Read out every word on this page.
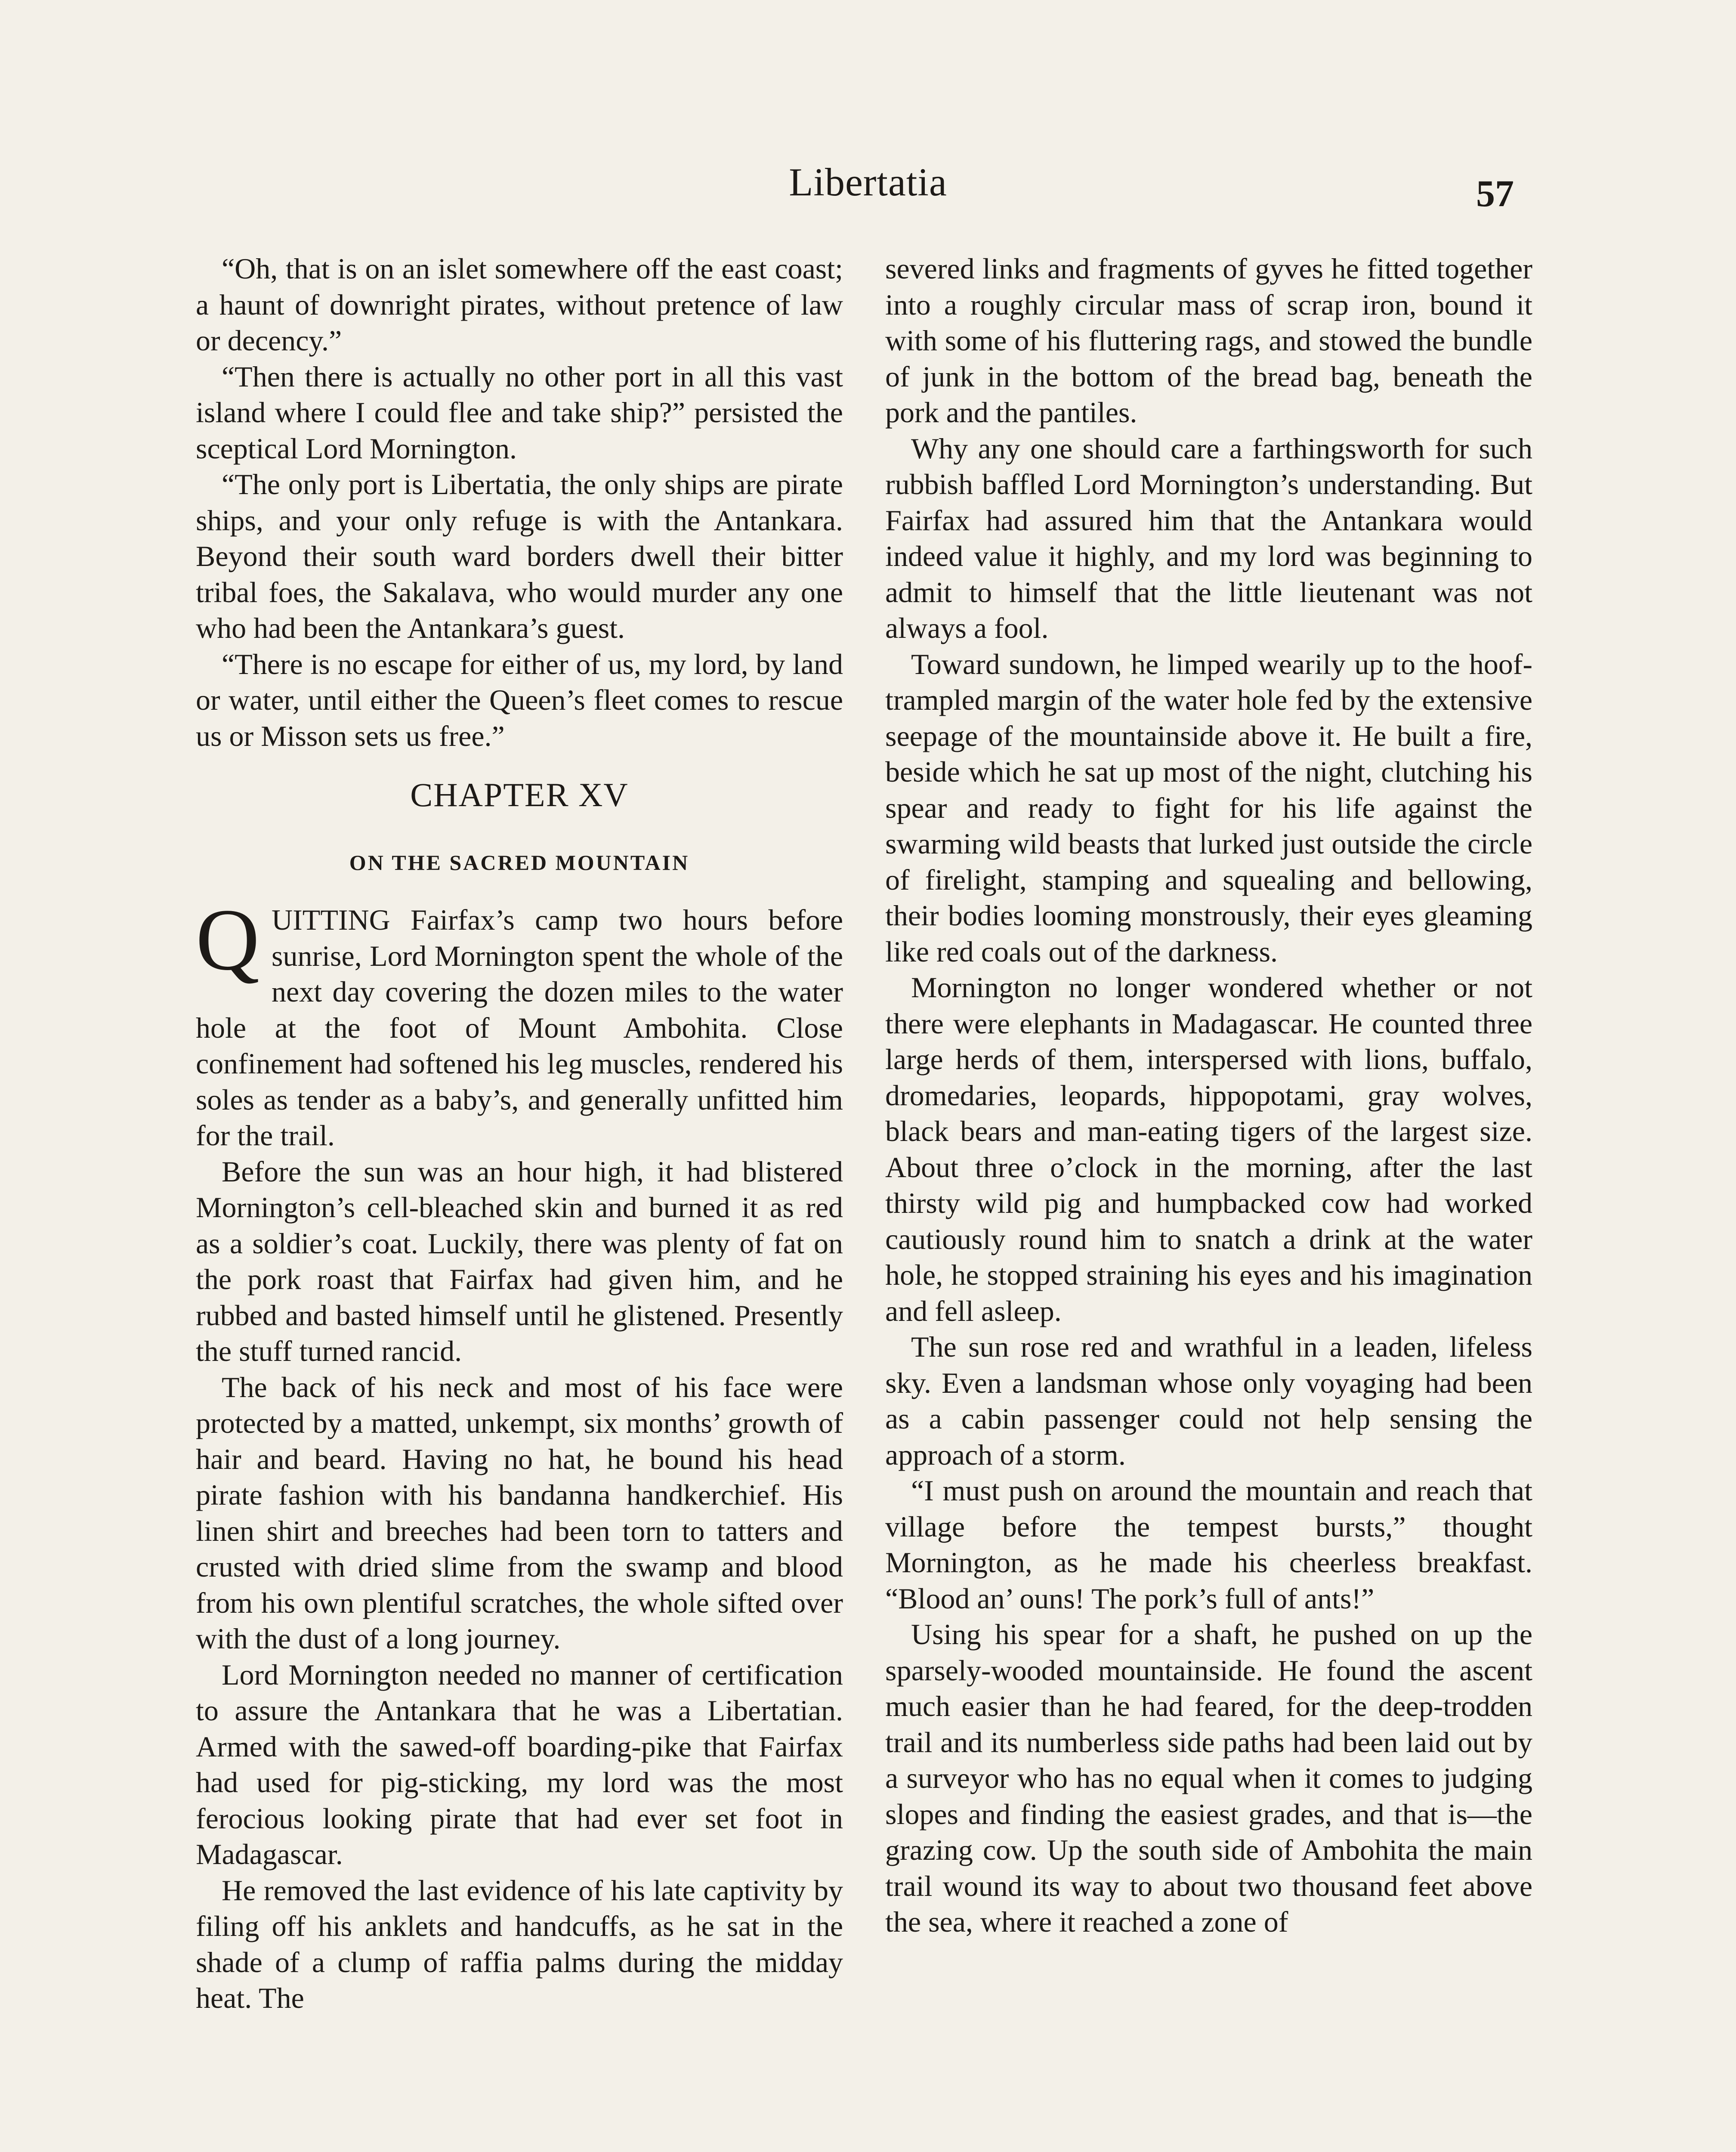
Libertatia	57

“Oh, that is on an islet somewhere off the east coast; a haunt of downright pirates, without pretence of law or decency.”

“Then there is actually no other port in all this vast island where I could flee and take ship?” persisted the sceptical Lord Mornington.

“The only port is Libertatia, the only ships are pirate ships, and your only refuge is with the Antankara. Beyond their south ward borders dwell their bitter tribal foes, the Sakalava, who would murder any one who had been the Antankara’s guest.

“There is no escape for either of us, my lord, by land or water, until either the Queen’s fleet comes to rescue us or Misson sets us free.”

CHAPTER XV
ON THE SACRED MOUNTAIN
Q UITTING Fairfax’s camp two hours before sunrise, Lord Mornington spent the whole of the next day covering the dozen miles to the water hole at the foot of Mount Ambohita. Close confinement had softened his leg muscles, rendered his soles as tender as a baby’s, and generally unfitted him for the trail.

Before the sun was an hour high, it had blistered Mornington’s cell-bleached skin and burned it as red as a soldier’s coat. Luckily, there was plenty of fat on the pork roast that Fairfax had given him, and he rubbed and basted himself until he glistened. Presently the stuff turned rancid.

The back of his neck and most of his face were protected by a matted, unkempt, six months’ growth of hair and beard. Having no hat, he bound his head pirate fashion with his bandanna handkerchief. His linen shirt and breeches had been torn to tatters and crusted with dried slime from the swamp and blood from his own plentiful scratches, the whole sifted over with the dust of a long journey.

Lord Mornington needed no manner of certification to assure the Antankara that he was a Libertatian. Armed with the sawed-off boarding-pike that Fairfax had used for pig-sticking, my lord was the most ferocious looking pirate that had ever set foot in Madagascar.

He removed the last evidence of his late captivity by filing off his anklets and handcuffs, as he sat in the shade of a clump of raffia palms during the midday heat. The

severed links and fragments of gyves he fitted together into a roughly circular mass of scrap iron, bound it with some of his fluttering rags, and stowed the bundle of junk in the bottom of the bread bag, beneath the pork and the pantiles.

Why any one should care a farthingsworth for such rubbish baffled Lord Mornington’s understanding. But Fairfax had assured him that the Antankara would indeed value it highly, and my lord was beginning to admit to himself that the little lieutenant was not always a fool.

Toward sundown, he limped wearily up to the hoof-trampled margin of the water hole fed by the extensive seepage of the mountainside above it. He built a fire, beside which he sat up most of the night, clutching his spear and ready to fight for his life against the swarming wild beasts that lurked just outside the circle of firelight, stamping and squealing and bellowing, their bodies looming monstrously, their eyes gleaming like red coals out of the darkness.

Mornington no longer wondered whether or not there were elephants in Madagascar. He counted three large herds of them, interspersed with lions, buffalo, dromedaries, leopards, hippopotami, gray wolves, black bears and man-eating tigers of the largest size. About three o’clock in the morning, after the last thirsty wild pig and humpbacked cow had worked cautiously round him to snatch a drink at the water hole, he stopped straining his eyes and his imagination and fell asleep.

The sun rose red and wrathful in a leaden, lifeless sky. Even a landsman whose only voyaging had been as a cabin passenger could not help sensing the approach of a storm.

“I must push on around the mountain and reach that village before the tempest bursts,” thought Mornington, as he made his cheerless breakfast. “Blood an’ ouns! The pork’s full of ants!”

Using his spear for a shaft, he pushed on up the sparsely-wooded mountainside. He found the ascent much easier than he had feared, for the deep-trodden trail and its numberless side paths had been laid out by a surveyor who has no equal when it comes to judging slopes and finding the easiest grades, and that is—the grazing cow. Up the south side of Ambohita the main trail wound its way to about two thousand feet above the sea, where it reached a zone of
